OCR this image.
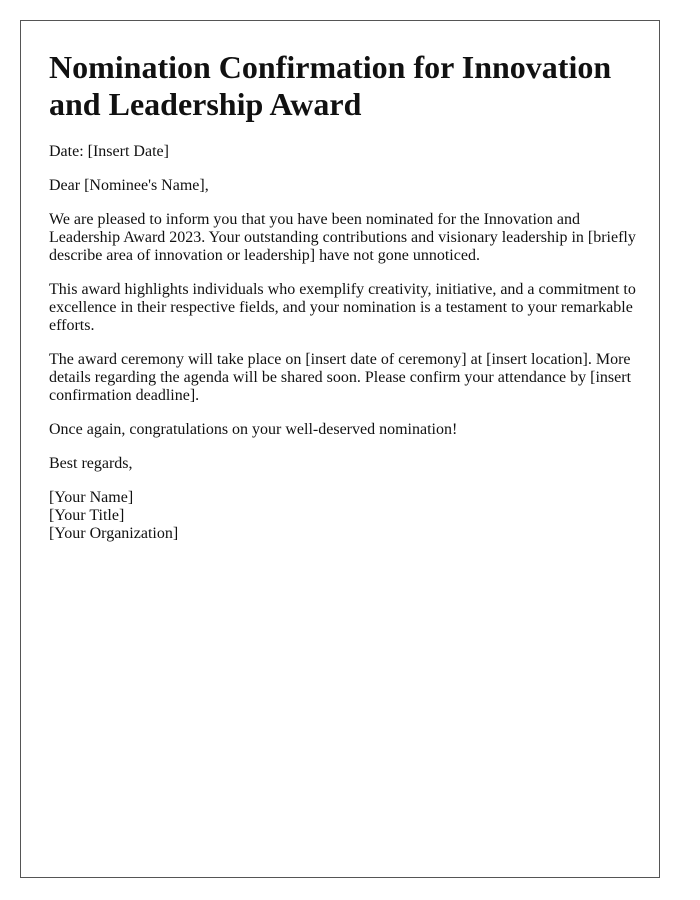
Nomination Confirmation for Innovation and Leadership Award

Date: [Insert Date]

Dear [Nominee's Name],

We are pleased to inform you that you have been nominated for the Innovation and Leadership Award 2023. Your outstanding contributions and visionary leadership in [briefly describe area of innovation or leadership] have not gone unnoticed.

This award highlights individuals who exemplify creativity, initiative, and a commitment to excellence in their respective fields, and your nomination is a testament to your remarkable efforts.

The award ceremony will take place on [insert date of ceremony] at [insert location]. More details regarding the agenda will be shared soon. Please confirm your attendance by [insert confirmation deadline].

Once again, congratulations on your well-deserved nomination!

Best regards,

[Your Name]

[Your Title]

[Your Organization]
